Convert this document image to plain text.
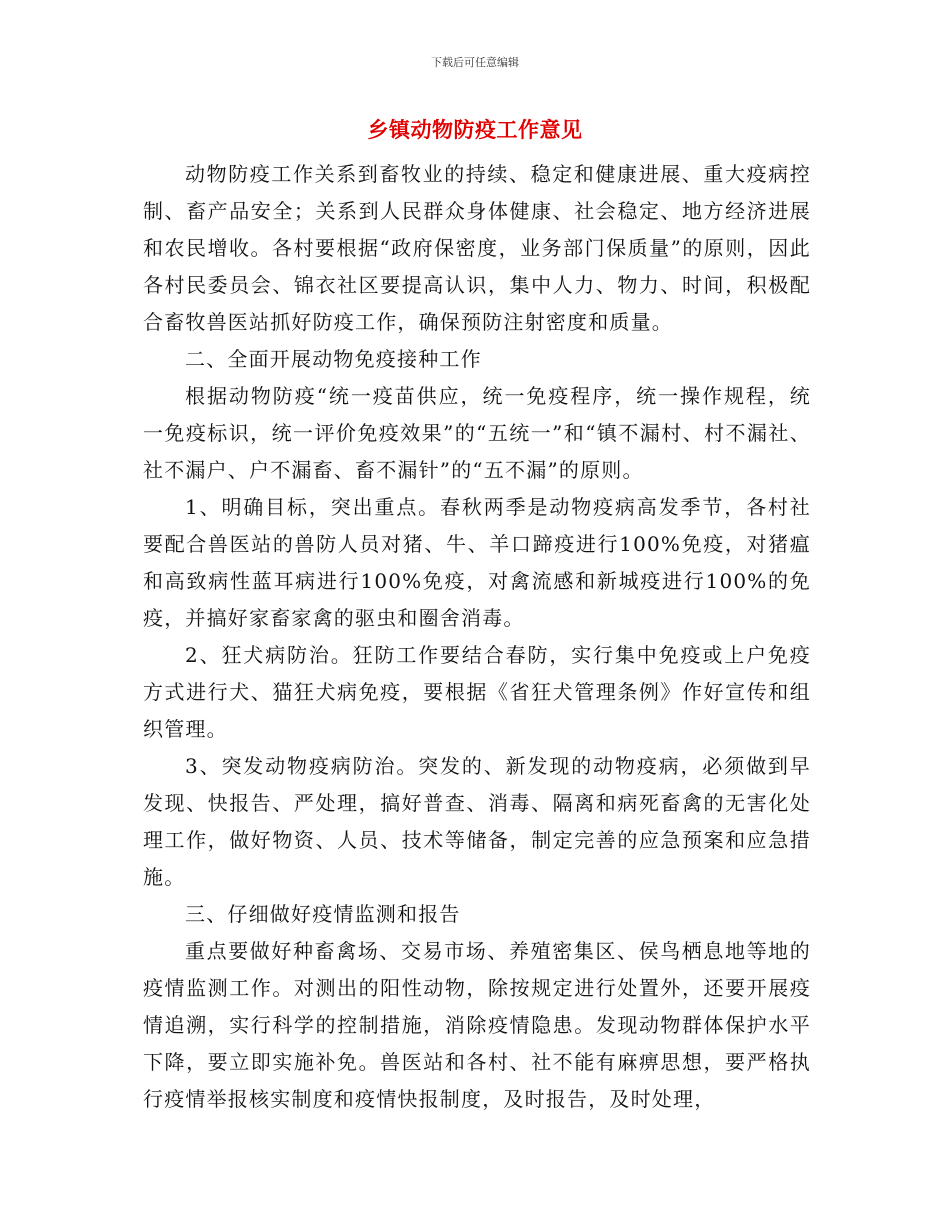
下载后可任意编辑
乡镇动物防疫工作意见

动物防疫工作关系到畜牧业的持续、稳定和健康进展、重大疫病控制、畜产品安全；关系到人民群众身体健康、社会稳定、地方经济进展和农民增收。各村要根据“政府保密度，业务部门保质量”的原则，因此各村民委员会、锦衣社区要提高认识，集中人力、物力、时间，积极配合畜牧兽医站抓好防疫工作，确保预防注射密度和质量。

二、全面开展动物免疫接种工作

根据动物防疫“统一疫苗供应，统一免疫程序，统一操作规程，统一免疫标识，统一评价免疫效果”的“五统一”和“镇不漏村、村不漏社、社不漏户、户不漏畜、畜不漏针”的“五不漏”的原则。

1、明确目标，突出重点。春秋两季是动物疫病高发季节，各村社要配合兽医站的兽防人员对猪、牛、羊口蹄疫进行100%免疫，对猪瘟和高致病性蓝耳病进行100%免疫，对禽流感和新城疫进行100%的免疫，并搞好家畜家禽的驱虫和圈舍消毒。

2、狂犬病防治。狂防工作要结合春防，实行集中免疫或上户免疫方式进行犬、猫狂犬病免疫，要根据《省狂犬管理条例》作好宣传和组织管理。

3、突发动物疫病防治。突发的、新发现的动物疫病，必须做到早发现、快报告、严处理，搞好普查、消毒、隔离和病死畜禽的无害化处理工作，做好物资、人员、技术等储备，制定完善的应急预案和应急措施。

三、仔细做好疫情监测和报告

重点要做好种畜禽场、交易市场、养殖密集区、侯鸟栖息地等地的疫情监测工作。对测出的阳性动物，除按规定进行处置外，还要开展疫情追溯，实行科学的控制措施，消除疫情隐患。发现动物群体保护水平下降，要立即实施补免。兽医站和各村、社不能有麻痹思想，要严格执行疫情举报核实制度和疫情快报制度，及时报告，及时处理，
